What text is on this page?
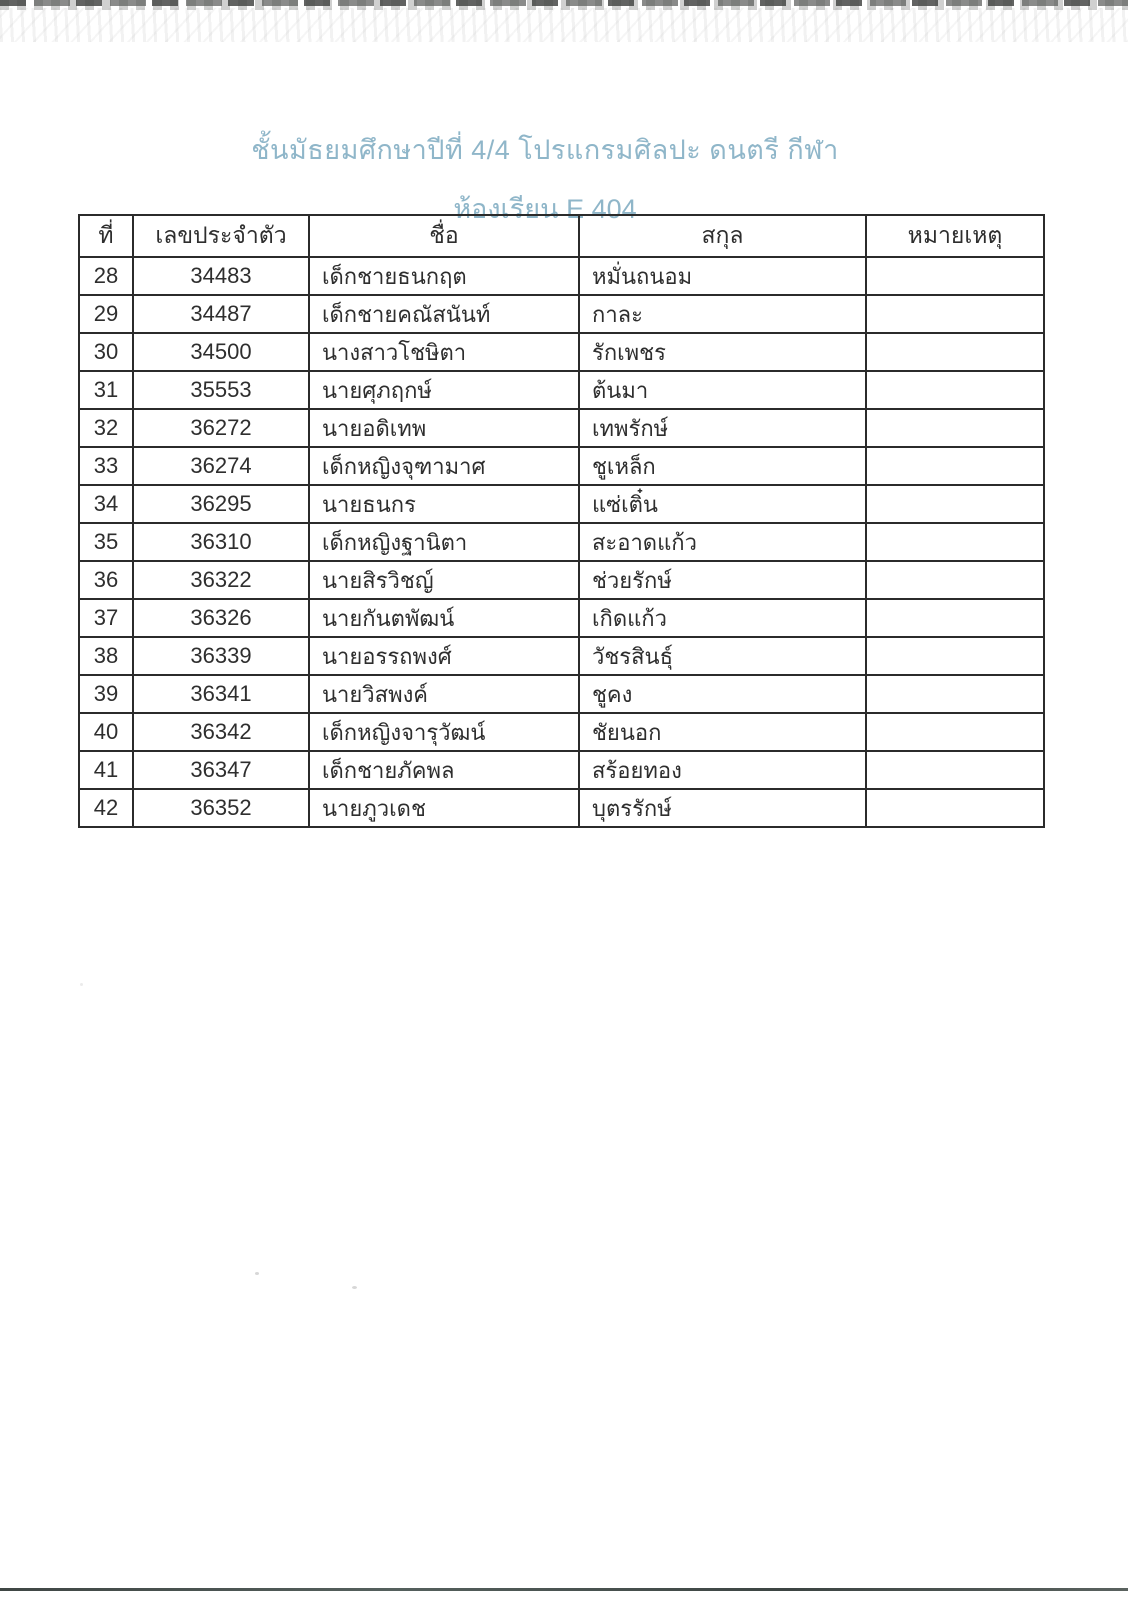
ชั้นมัธยมศึกษาปีที่ 4/4 โปรแกรมศิลปะ ดนตรี กีฬา
ห้องเรียน E 404
ที่	เลขประจำตัว	ชื่อ	สกุล	หมายเหตุ
28	34483	เด็กชายธนกฤต	หมั่นถนอม	
29	34487	เด็กชายคณัสนันท์	กาละ	
30	34500	นางสาวโชษิตา	รักเพชร	
31	35553	นายศุภฤกษ์	ต้นมา	
32	36272	นายอดิเทพ	เทพรักษ์	
33	36274	เด็กหญิงจุฑามาศ	ชูเหล็ก	
34	36295	นายธนกร	แซ่เติ๋น	
35	36310	เด็กหญิงฐานิตา	สะอาดแก้ว	
36	36322	นายสิรวิชญ์	ช่วยรักษ์	
37	36326	นายกันตพัฒน์	เกิดแก้ว	
38	36339	นายอรรถพงศ์	วัชรสินธุ์	
39	36341	นายวิสพงค์	ชูคง	
40	36342	เด็กหญิงจารุวัฒน์	ชัยนอก	
41	36347	เด็กชายภัคพล	สร้อยทอง	
42	36352	นายภูวเดช	บุตรรักษ์	
